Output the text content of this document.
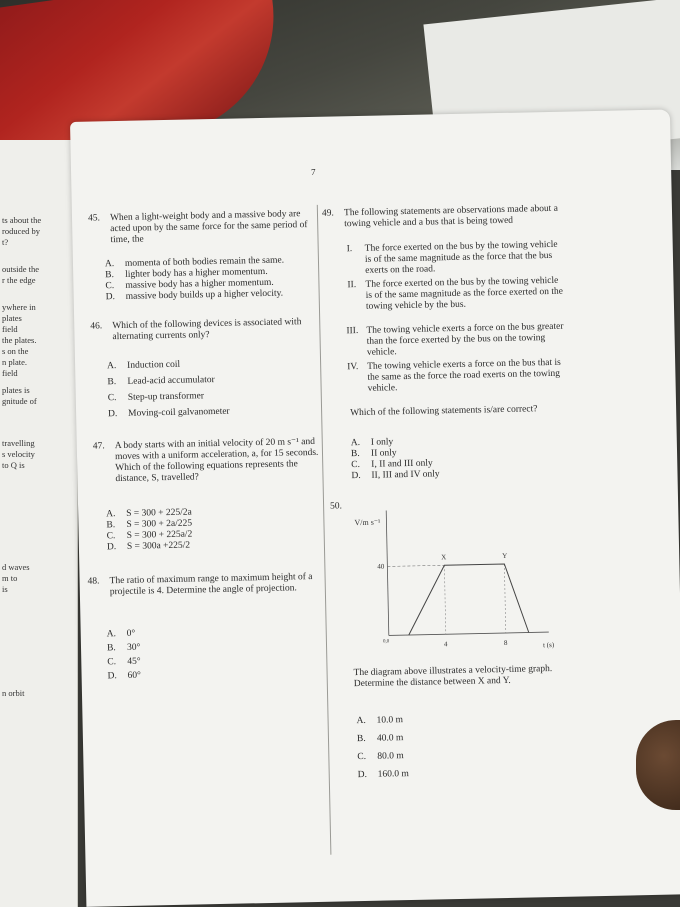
ts about the
roduced by
t?
outside the
r the edge
ywhere in
plates
field
the plates.
s on the
n plate.
field
plates is
gnitude of
travelling
s velocity
to Q is
d waves
m to
is
n orbit
7
45. When a light-weight body and a massive body are acted upon by the same force for the same period of time, the
A. momenta of both bodies remain the same.
B. lighter body has a higher momentum.
C. massive body has a higher momentum.
D. massive body builds up a higher velocity.
46. Which of the following devices is associated with alternating currents only?
A. Induction coil
B. Lead-acid accumulator
C. Step-up transformer
D. Moving-coil galvanometer
47. A body starts with an initial velocity of 20 m s⁻¹ and moves with a uniform acceleration, a, for 15 seconds. Which of the following equations represents the distance, S, travelled?
A. S = 300 + 225/2a
B. S = 300 + 2a/225
C. S = 300 + 225a/2
D. S = 300a +225/2
48. The ratio of maximum range to maximum height of a projectile is 4. Determine the angle of projection.
A. 0°
B. 30°
C. 45°
D. 60°
49. The following statements are observations made about a towing vehicle and a bus that is being towed
I. The force exerted on the bus by the towing vehicle is of the same magnitude as the force that the bus exerts on the road.
II. The force exerted on the bus by the towing vehicle is of the same magnitude as the force exerted on the towing vehicle by the bus.
III. The towing vehicle exerts a force on the bus greater than the force exerted by the bus on the towing vehicle.
IV. The towing vehicle exerts a force on the bus that is the same as the force the road exerts on the towing vehicle.
Which of the following statements is/are correct?
A. I only
B. II only
C. I, II and III only
D. II, III and IV only
50.
V/m s⁻¹
t (s)
40
4	8
0,0
X	Y
The diagram above illustrates a velocity-time graph. Determine the distance between X and Y.
A. 10.0 m
B. 40.0 m
C. 80.0 m
D. 160.0 m
